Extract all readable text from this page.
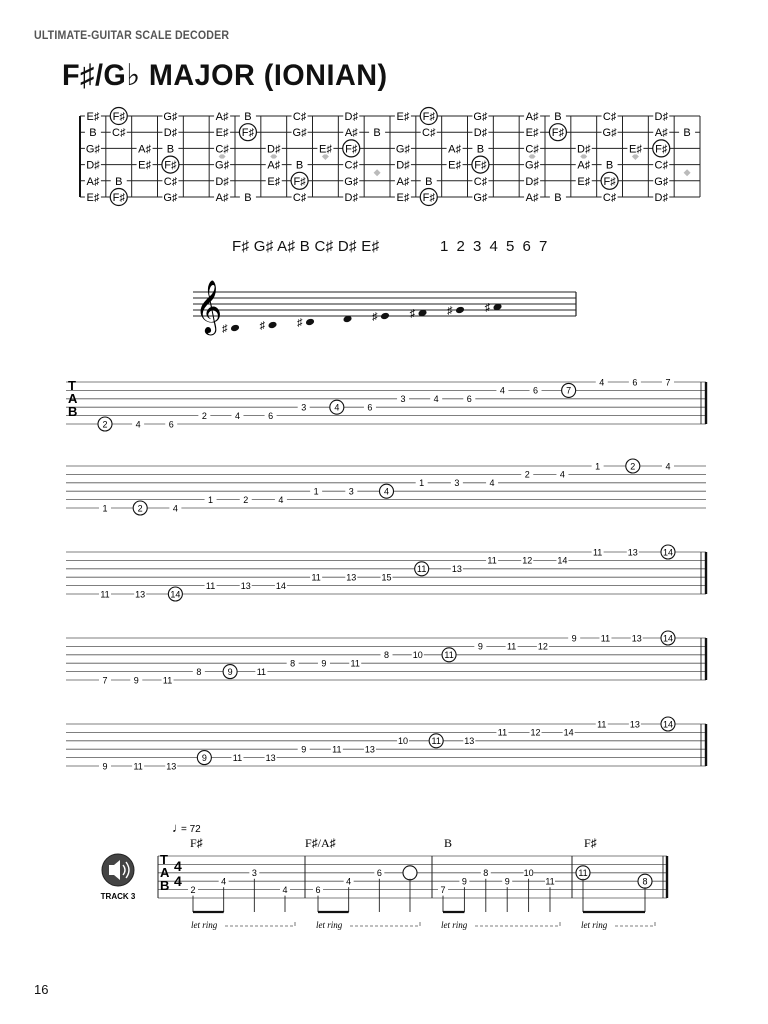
ULTIMATE-GUITAR SCALE DECODER
F♯/G♭ MAJOR (IONIAN)
E♯ F♯	G♯	A♯ B	C♯	D♯	E♯ F♯	G♯	A♯ B	C♯	D♯
B C♯	D♯	E♯ F♯	G♯	A♯ B	C♯	D♯	E♯ F♯	G♯	A♯ B
G♯	A♯ B	C♯	D♯	E♯ F♯	G♯	A♯ B	C♯	D♯	E♯ F♯
D♯	E♯ F♯	G♯	A♯ B	C♯	D♯	E♯ F♯	G♯	A♯ B	C♯
A♯ B	C♯	D♯	E♯ F♯	G♯	A♯ B	C♯	D♯	E♯ F♯	G♯
E♯ F♯	G♯	A♯ B	C♯	D♯	E♯ F♯	G♯	A♯ B	C♯	D♯
F♯ G♯ A♯ B C♯ D♯ E♯	1 2 3 4 5 6 7
𝄞 ♯	♯	♯	♯	♯	♯	♯
T
A
B
2	4	6
2	4	6
3	4	6
3	4	6
4	6	7
4	6	7
1	2	4
1	2	4
1	3	4
1	3	4
2	4
1	2	4
11	13	14
11	13	14
11	13	15
11	13
11	12	14
11	13	14
7	9	11
8	9	11
8	9	11
8	10 11
9	11 12
9	11 13 14
9	11	13
9	11	13
9	11	13
10	11	13
11	12	14
11	13	14
♩
= 72
TRACK 3
T
A
B
4
4
F♯
2
4
3
4
let ring
F♯/A♯
6
4
6
let ring
B
7
9
8
9
10
11
let ring
F♯
11
8
let ring
16
